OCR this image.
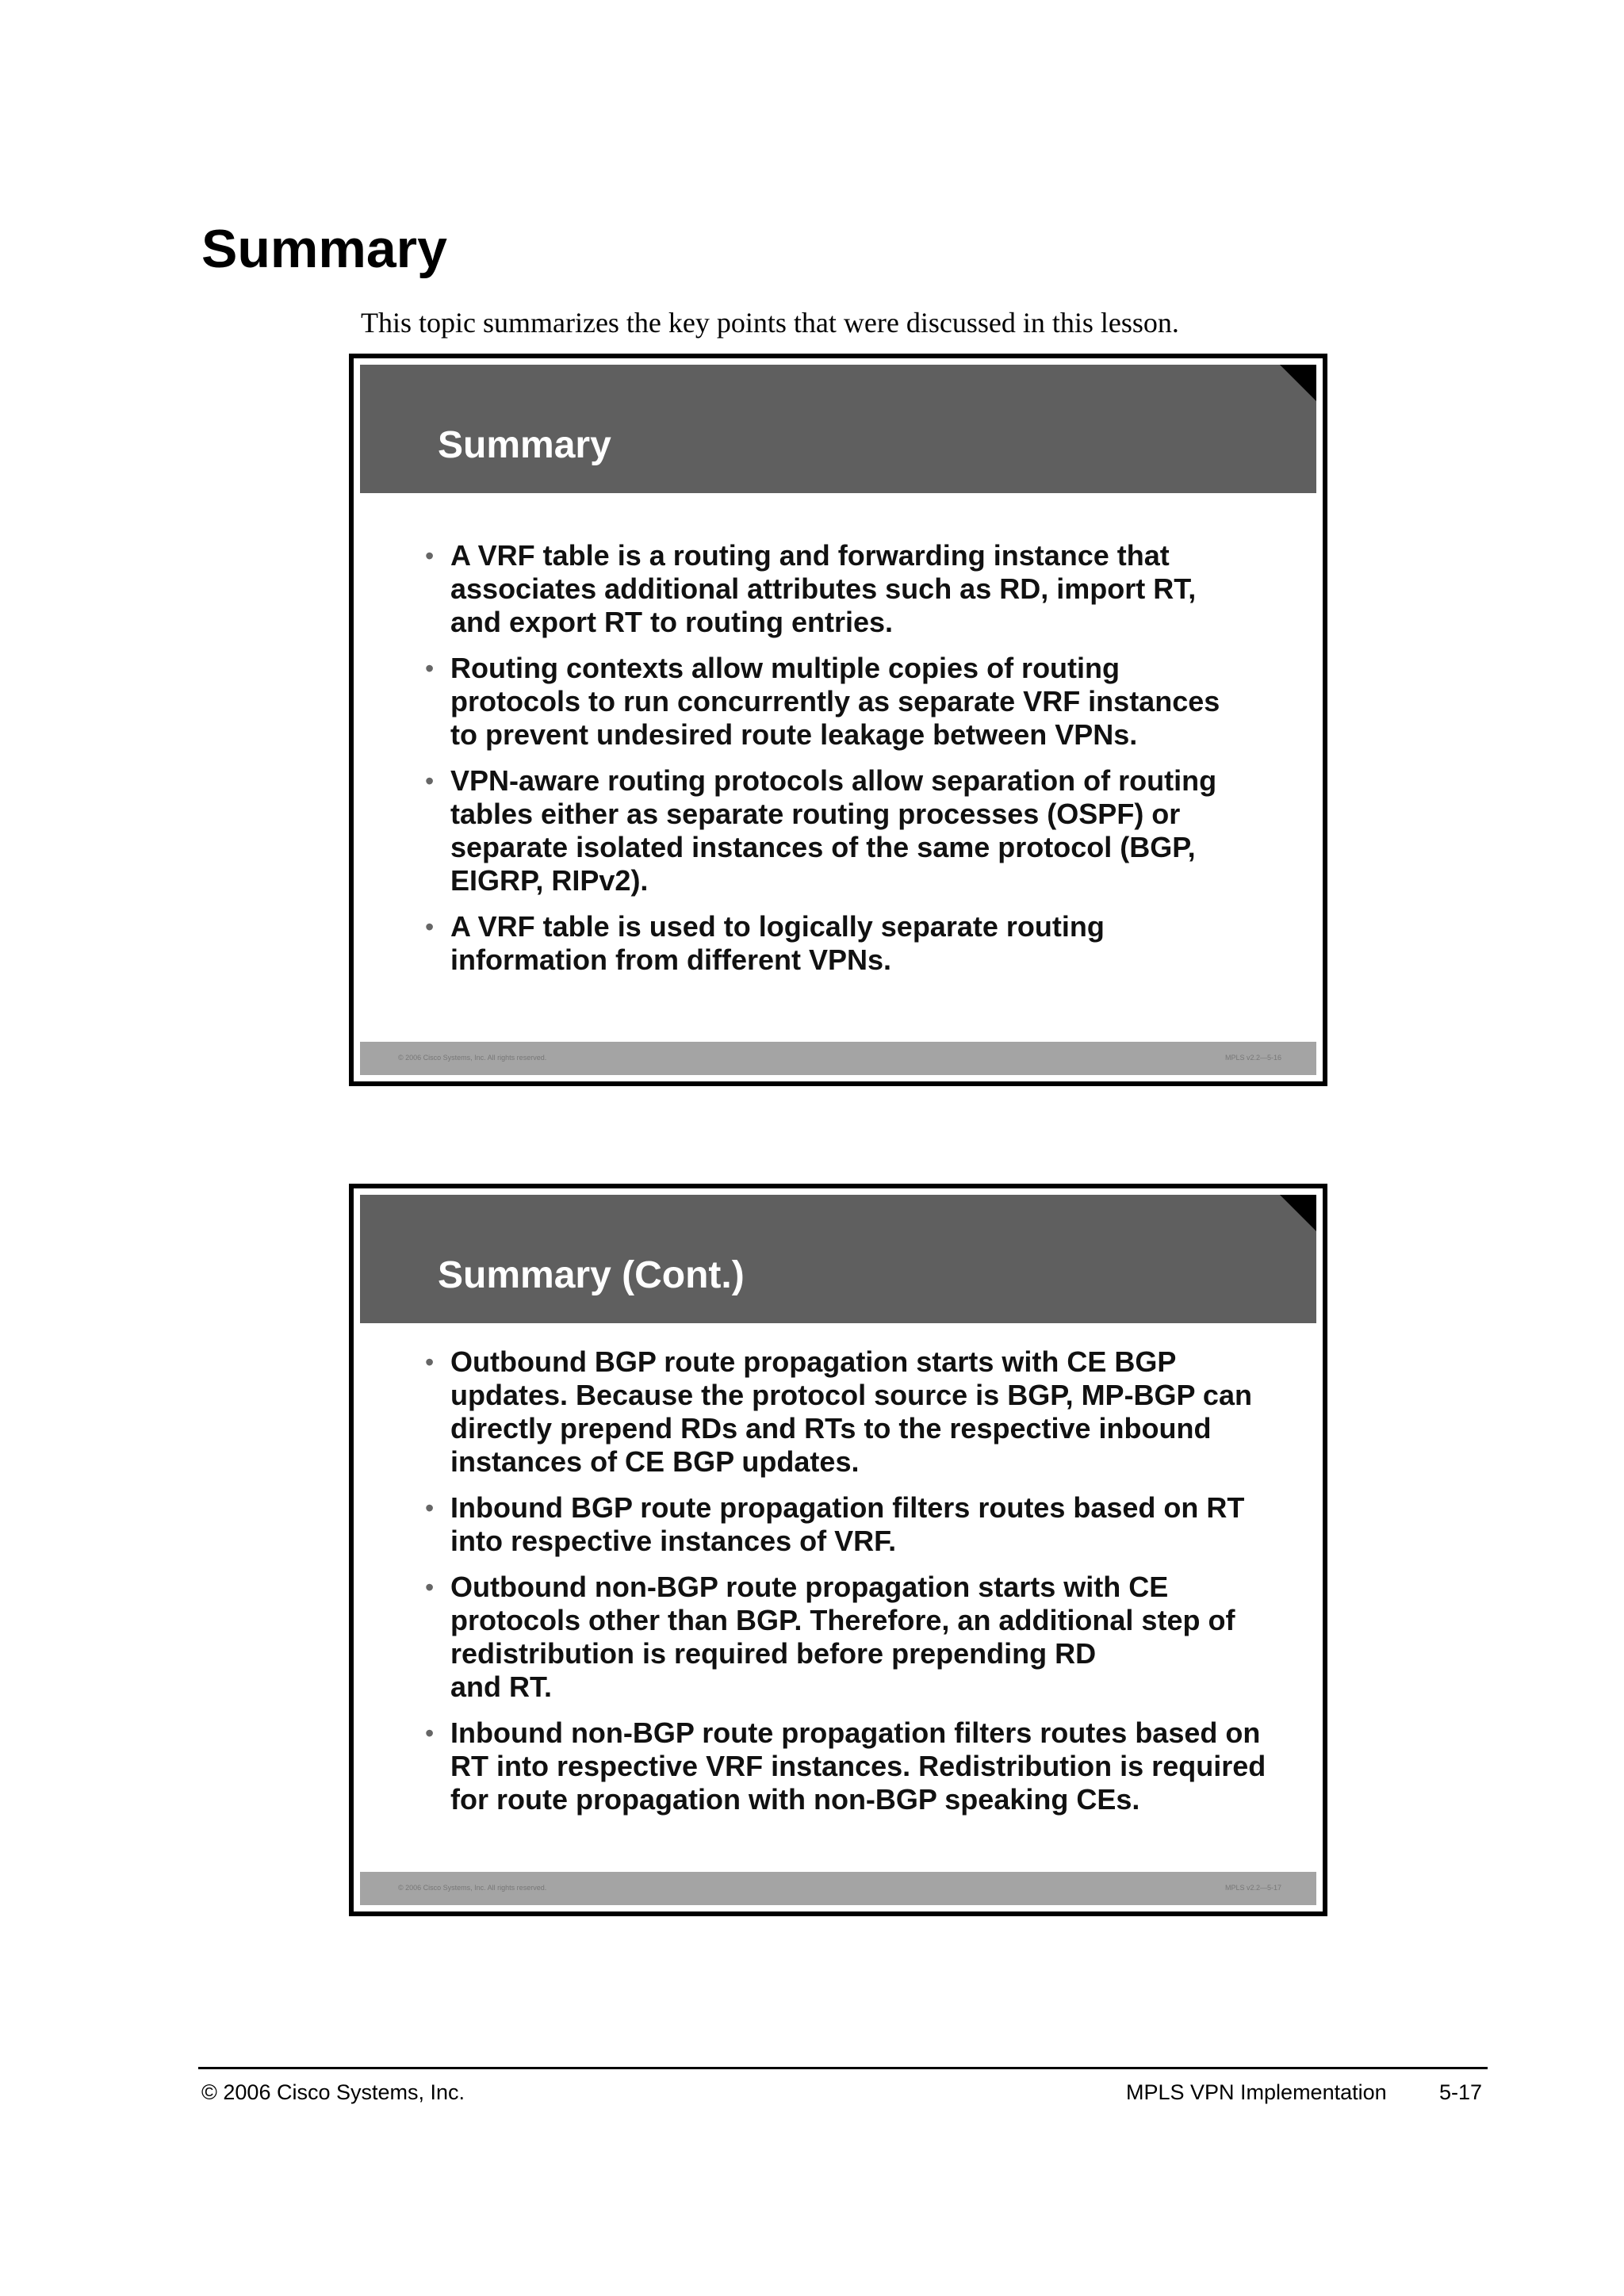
Summary

This topic summarizes the key points that were discussed in this lesson.

Summary
• A VRF table is a routing and forwarding instance that
associates additional attributes such as RD, import RT,
and export RT to routing entries.
• Routing contexts allow multiple copies of routing
protocols to run concurrently as separate VRF instances
to prevent undesired route leakage between VPNs.
• VPN-aware routing protocols allow separation of routing
tables either as separate routing processes (OSPF) or
separate isolated instances of the same protocol (BGP,
EIGRP, RIPv2).
• A VRF table is used to logically separate routing
information from different VPNs.
© 2006 Cisco Systems, Inc. All rights reserved.	MPLS v2.2—5-16
Summary (Cont.)
• Outbound BGP route propagation starts with CE BGP
updates. Because the protocol source is BGP, MP-BGP can
directly prepend RDs and RTs to the respective inbound
instances of CE BGP updates.
• Inbound BGP route propagation filters routes based on RT
into respective instances of VRF.
• Outbound non-BGP route propagation starts with CE
protocols other than BGP. Therefore, an additional step of
redistribution is required before prepending RD
and RT.
• Inbound non-BGP route propagation filters routes based on
RT into respective VRF instances. Redistribution is required
for route propagation with non-BGP speaking CEs.
© 2006 Cisco Systems, Inc. All rights reserved.	MPLS v2.2—5-17
© 2006 Cisco Systems, Inc.	MPLS VPN Implementation 5-17
